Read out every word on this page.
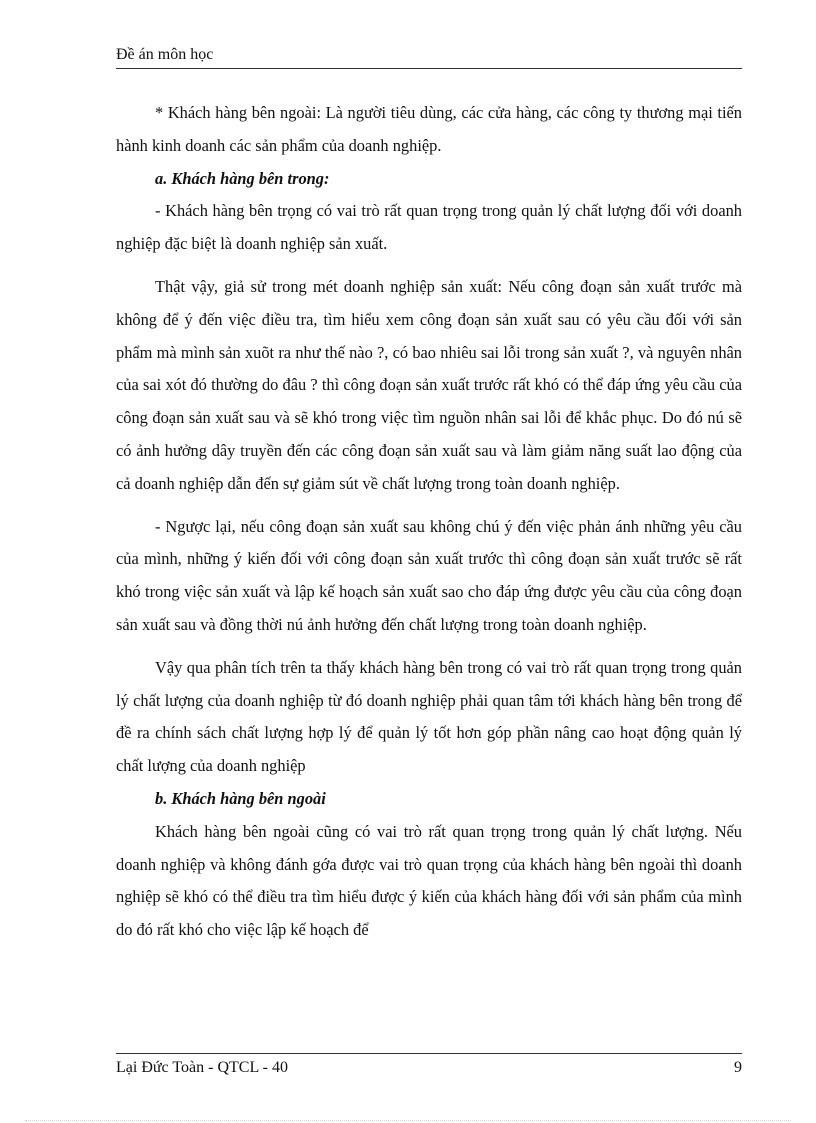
Đề án môn học

* Khách hàng bên ngoài: Là người tiêu dùng, các cửa hàng, các công ty thương mại tiến hành kinh doanh các sản phẩm của doanh nghiệp.

a. Khách hàng bên trong:

- Khách hàng bên trọng có vai trò rất quan trọng trong quản lý chất lượng đối với doanh nghiệp đặc biệt là doanh nghiệp sản xuất.

Thật vậy, giả sử trong mét doanh nghiệp sản xuất: Nếu công đoạn sản xuất trước mà không để ý đến việc điều tra, tìm hiểu xem công đoạn sản xuất sau có yêu cầu đối với sản phẩm mà mình sản xuõt ra như thế nào ?, có bao nhiêu sai lỗi trong sản xuất ?, và nguyên nhân của sai xót đó thường do đâu ? thì công đoạn sản xuất trước rất khó có thể đáp ứng yêu cầu của công đoạn sản xuất sau và sẽ khó trong việc tìm nguồn nhân sai lỗi để khắc phục. Do đó nú sẽ có ảnh hưởng dây truyền đến các công đoạn sản xuất sau và làm giảm năng suất lao động của cả doanh nghiệp dẫn đến sự giảm sút về chất lượng trong toàn doanh nghiệp.

- Ngược lại, nếu công đoạn sản xuất sau không chú ý đến việc phản ánh những yêu cầu của mình, những ý kiến đối với công đoạn sản xuất trước thì công đoạn sản xuất trước sẽ rất khó trong việc sản xuất và lập kế hoạch sản xuất sao cho đáp ứng được yêu cầu của công đoạn sản xuất sau và đồng thời nú ảnh hưởng đến chất lượng trong toàn doanh nghiệp.

Vậy qua phân tích trên ta thấy khách hàng bên trong có vai trò rất quan trọng trong quản lý chất lượng của doanh nghiệp từ đó doanh nghiệp phải quan tâm tới khách hàng bên trong để đề ra chính sách chất lượng hợp lý để quản lý tốt hơn góp phần nâng cao hoạt động quản lý chất lượng của doanh nghiệp

b. Khách hàng bên ngoài

Khách hàng bên ngoài cũng có vai trò rất quan trọng trong quản lý chất lượng. Nếu doanh nghiệp và không đánh gớa được vai trò quan trọng của khách hàng bên ngoài thì doanh nghiệp sẽ khó có thể điều tra tìm hiểu được ý kiến của khách hàng đối với sản phẩm của mình do đó rất khó cho việc lập kế hoạch để

Lại Đức Toàn - QTCL - 40	9
